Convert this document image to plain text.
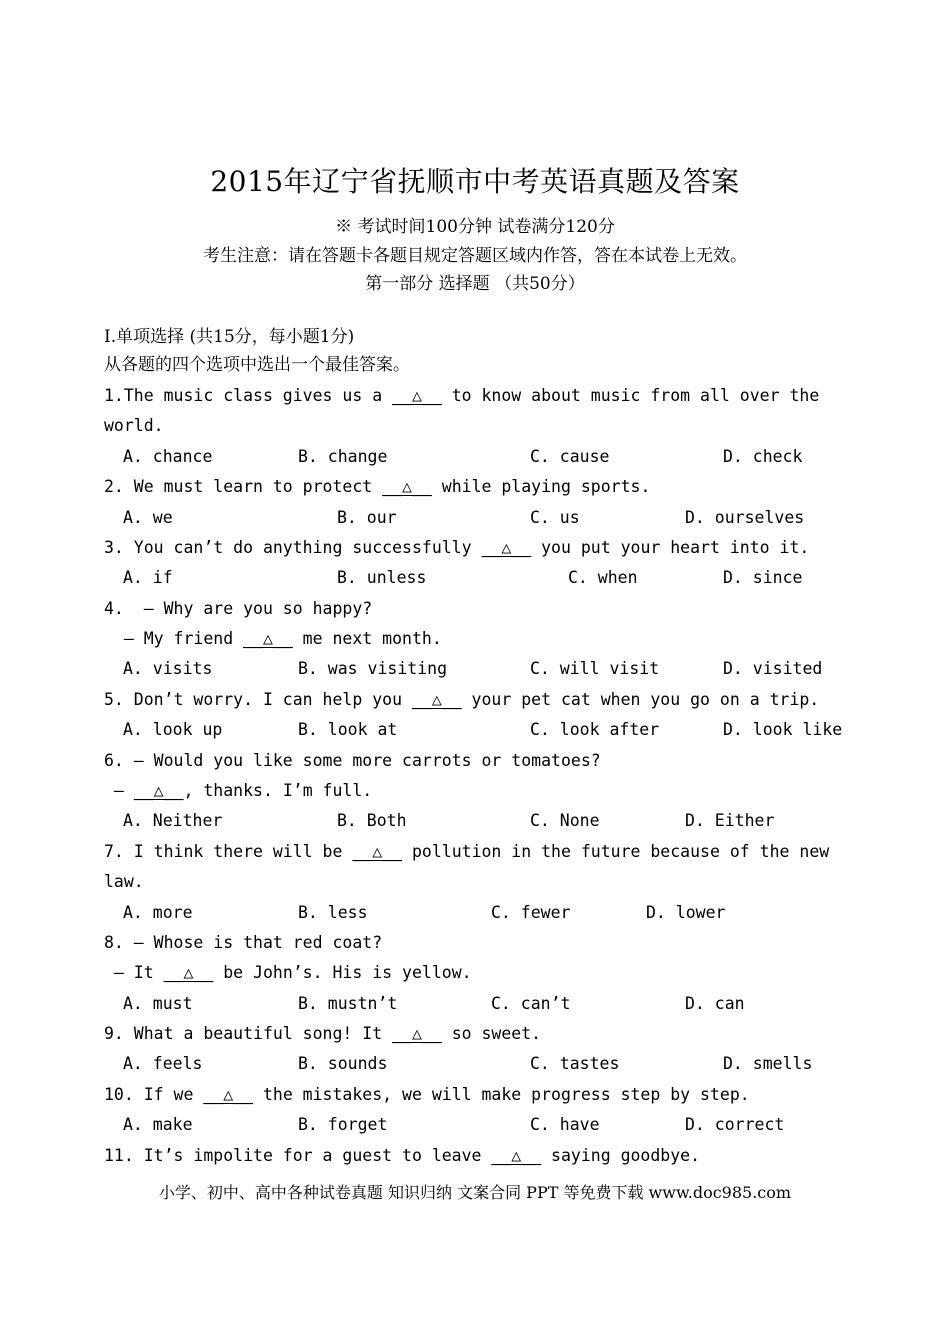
2015年辽宁省抚顺市中考英语真题及答案
※ 考试时间100分钟 试卷满分120分
考生注意：请在答题卡各题目规定答题区域内作答，答在本试卷上无效。
第一部分 选择题 （共50分）
Ⅰ.单项选择 (共15分，每小题1分)
从各题的四个选项中选出一个最佳答案。
1.The music class gives us a __△__ to know about music from all over the
world.
A. chance	B. change	C. cause	D. check
2. We must learn to protect __△__ while playing sports.
A. we	B. our	C. us	D. ourselves
3. You can’t do anything successfully __△__ you put your heart into it.
A. if	B. unless	C. when	D. since
4.  — Why are you so happy?
— My friend __△__ me next month.
A. visits	B. was visiting	C. will visit	D. visited
5. Don’t worry. I can help you __△__ your pet cat when you go on a trip.
A. look up	B. look at	C. look after	D. look like
6. — Would you like some more carrots or tomatoes?
— __△__, thanks. I’m full.
A. Neither	B. Both	C. None	D. Either
7. I think there will be __△__ pollution in the future because of the new
law.
A. more	B. less	C. fewer	D. lower
8. — Whose is that red coat?
— It __△__ be John’s. His is yellow.
A. must	B. mustn’t	C. can’t	D. can
9. What a beautiful song! It __△__ so sweet.
A. feels	B. sounds	C. tastes	D. smells
10. If we __△__ the mistakes, we will make progress step by step.
A. make	B. forget	C. have	D. correct
11. It’s impolite for a guest to leave __△__ saying goodbye.
小学、初中、高中各种试卷真题 知识归纳 文案合同 PPT 等免费下载 www.doc985.com
